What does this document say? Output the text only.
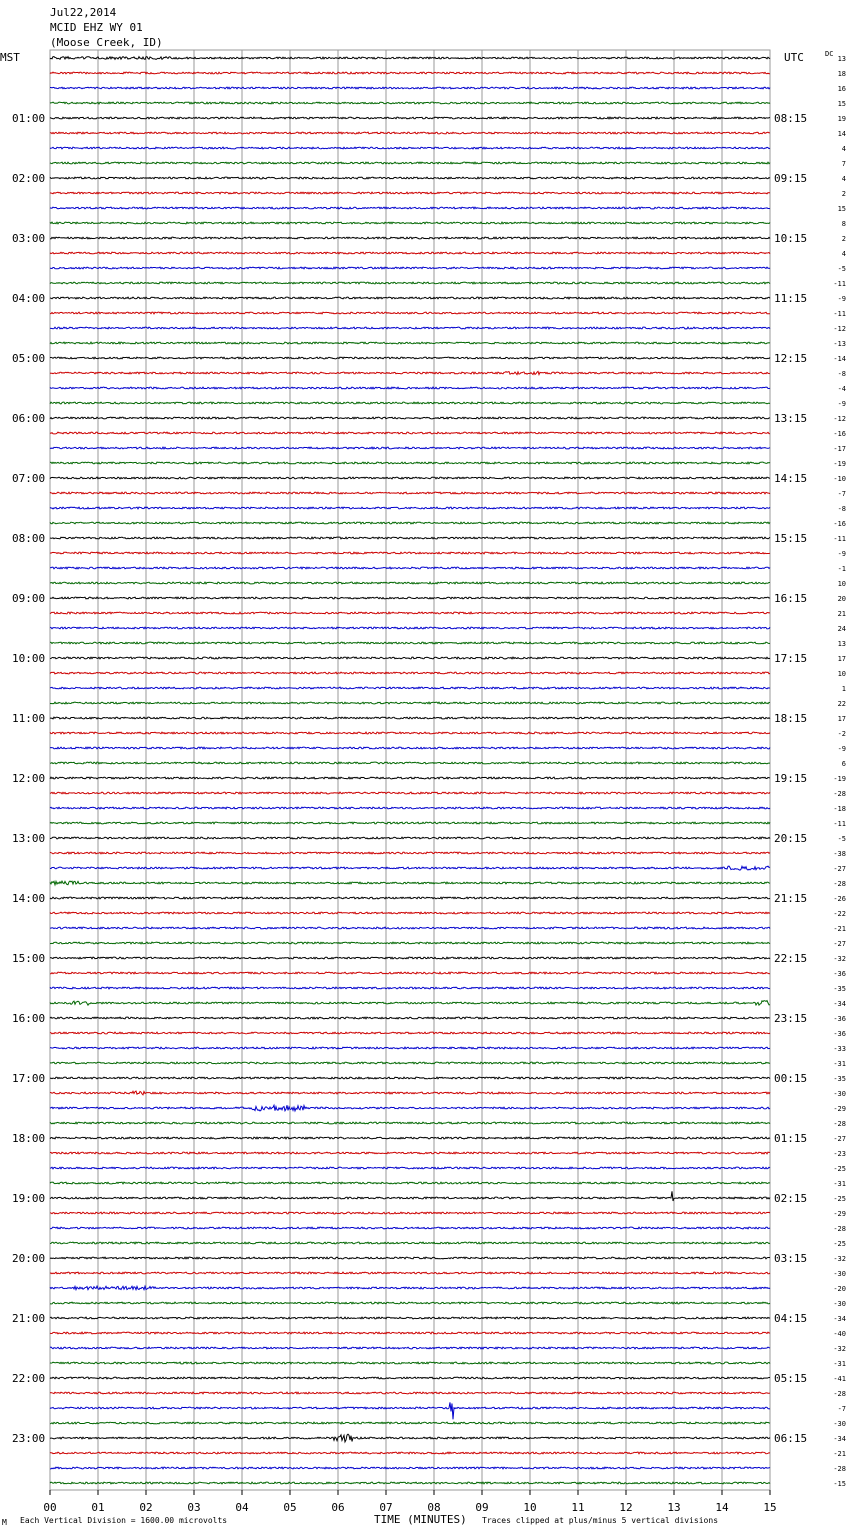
Jul22,2014
MCID EHZ WY 01
(Moose Creek, ID)
MST	UTC	DC
01:00
02:00
03:00
04:00
05:00
06:00
07:00
08:00
09:00
10:00
11:00
12:00
13:00
14:00
15:00
16:00
17:00
18:00
19:00
20:00
21:00
22:00
23:00
08:15
09:15
10:15
11:15
12:15
13:15
14:15
15:15
16:15
17:15
18:15
19:15
20:15
21:15
22:15
23:15
00:15
01:15
02:15
03:15
04:15
05:15
06:15
13
18
16
15
19
14
4
7
4
2
15
8
2
4
-5
-11
-9
-11
-12
-13
-14
-8
-4
-9
-12
-16
-17
-19
-10
-7
-8
-16
-11
-9
-1
10
20
21
24
13
17
10
1
22
17
-2
-9
6
-19
-28
-18
-11
-5
-38
-27
-28
-26
-22
-21
-27
-32
-36
-35
-34
-36
-36
-33
-31
-35
-30
-29
-28
-27
-23
-25
-31
-25
-29
-28
-25
-32
-30
-20
-30
-34
-40
-32
-31
-41
-28
-7
-30
-34
-21
-28
-15
00	01	02	03	04	05	06	07	08	09	10	11	12	13	14	15
M Each Vertical Division = 1600.00 microvolts	TIME (MINUTES) Traces clipped at plus/minus 5 vertical divisions
